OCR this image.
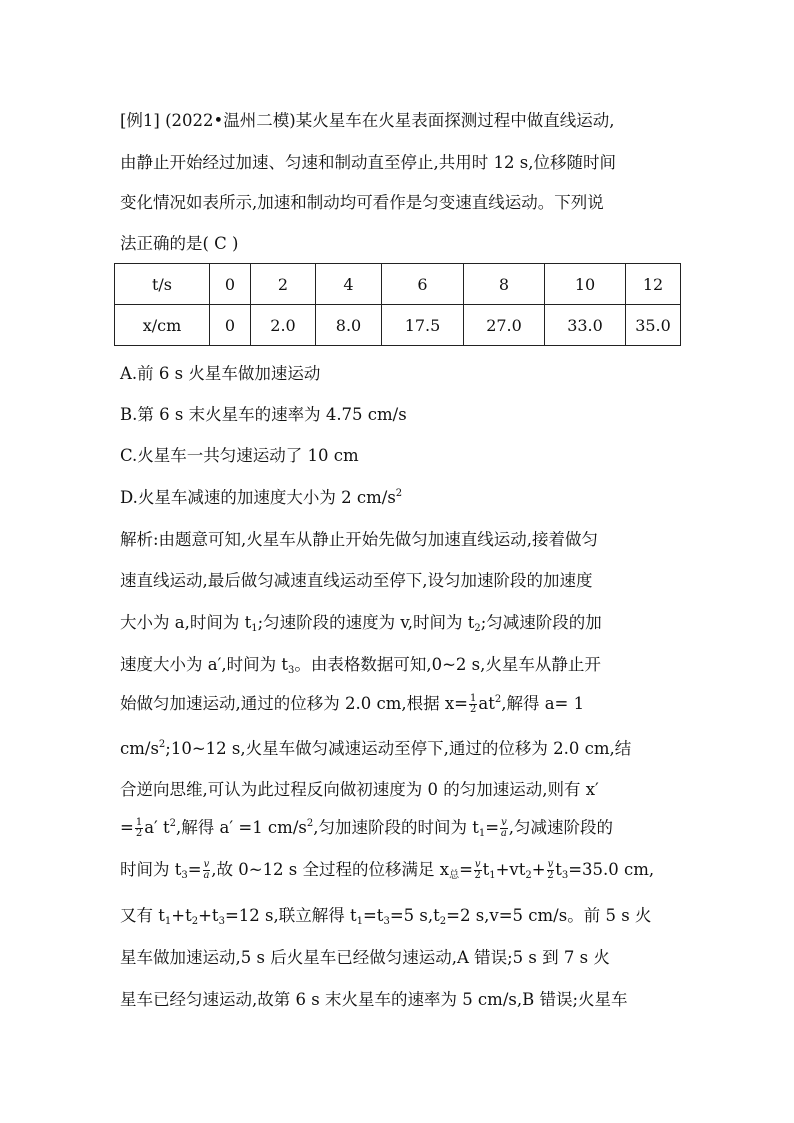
[例1] (2022•温州二模)某火星车在火星表面探测过程中做直线运动,
由静止开始经过加速、匀速和制动直至停止,共用时 12 s,位移随时间
变化情况如表所示,加速和制动均可看作是匀变速直线运动。下列说
法正确的是( C )
t/s	0	2	4	6	8	10	12
x/cm	0	2.0	8.0	17.5	27.0	33.0	35.0
A.前 6 s 火星车做加速运动
B.第 6 s 末火星车的速率为 4.75 cm/s
C.火星车一共匀速运动了 10 cm
D.火星车减速的加速度大小为 2 $cm/s^2$
解析:由题意可知,火星车从静止开始先做匀加速直线运动,接着做匀
速直线运动,最后做匀减速直线运动至停下,设匀加速阶段的加速度
大小为 a,时间为 $t_1$;匀速阶段的速度为 v,时间为 $t_2$;匀减速阶段的加
速度大小为 a′,时间为 $t_3$。由表格数据可知,0~2 s,火星车从静止开
始做匀加速运动,通过的位移为 2.0 cm,根据 $x= \frac{1}{2} at^2$,解得 a= 1
$cm/s^2;10\sim 12$ s,火星车做匀减速运动至停下,通过的位移为 2.0 cm,结
合逆向思维,可认为此过程反向做初速度为 0 的匀加速运动,则有 x′
= $\frac{1}{2} a'$ $t^2$,解得 a′ =1 $cm/s^2$,匀加速阶段的时间为 $t_1= \frac{v}{a}$ ,匀减速阶段的
时间为 $t_3= \frac{v}{a}$ ,故 0~12 s 全过程的位移满足 $x_总= \frac{v}{2} t_1+vt_2+ \frac{v}{2} t_3=35.0$ cm,
又有 $t_1+t_2+t_3=12$ s,联立解得 $t_1=t_3=5$ $s,t_2=2$ s,v=5 cm/s。前 5 s 火
星车做加速运动,5 s 后火星车已经做匀速运动,A 错误;5 s 到 7 s 火
星车已经匀速运动,故第 6 s 末火星车的速率为 5 cm/s,B 错误;火星车
